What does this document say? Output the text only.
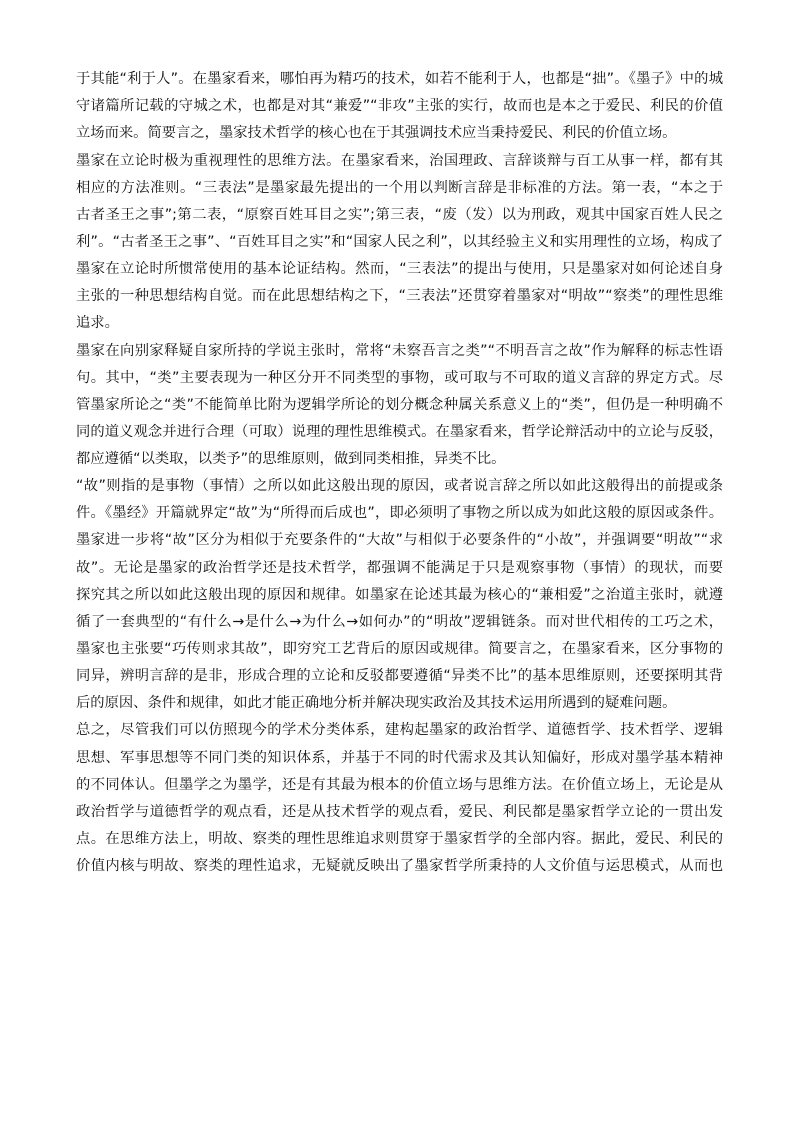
于其能“利于人”。在墨家看来，哪怕再为精巧的技术，如若不能利于人，也都是“拙”。《墨子》中的城
守诸篇所记载的守城之术，也都是对其“兼爱”“非攻”主张的实行，故而也是本之于爱民、利民的价值
立场而来。简要言之，墨家技术哲学的核心也在于其强调技术应当秉持爱民、利民的价值立场。
墨家在立论时极为重视理性的思维方法。在墨家看来，治国理政、言辞谈辩与百工从事一样，都有其
相应的方法准则。“三表法”是墨家最先提出的一个用以判断言辞是非标准的方法。第一表，“本之于
古者圣王之事”;第二表，“原察百姓耳目之实”;第三表，“废（发）以为刑政，观其中国家百姓人民之
利”。“古者圣王之事”、“百姓耳目之实”和“国家人民之利”，以其经验主义和实用理性的立场，构成了
墨家在立论时所惯常使用的基本论证结构。然而，“三表法”的提出与使用，只是墨家对如何论述自身
主张的一种思想结构自觉。而在此思想结构之下，“三表法”还贯穿着墨家对“明故”“察类”的理性思维
追求。
墨家在向别家释疑自家所持的学说主张时，常将“未察吾言之类”“不明吾言之故”作为解释的标志性语
句。其中，“类”主要表现为一种区分开不同类型的事物，或可取与不可取的道义言辞的界定方式。尽
管墨家所论之“类”不能简单比附为逻辑学所论的划分概念种属关系意义上的“类”，但仍是一种明确不
同的道义观念并进行合理（可取）说理的理性思维模式。在墨家看来，哲学论辩活动中的立论与反驳，
都应遵循“以类取，以类予”的思维原则，做到同类相推，异类不比。
“故”则指的是事物（事情）之所以如此这般出现的原因，或者说言辞之所以如此这般得出的前提或条
件。《墨经》开篇就界定“故”为“所得而后成也”，即必须明了事物之所以成为如此这般的原因或条件。
墨家进一步将“故”区分为相似于充要条件的“大故”与相似于必要条件的“小故”，并强调要“明故”“求
故”。无论是墨家的政治哲学还是技术哲学，都强调不能满足于只是观察事物（事情）的现状，而要
探究其之所以如此这般出现的原因和规律。如墨家在论述其最为核心的“兼相爱”之治道主张时，就遵
循了一套典型的“有什么→是什么→为什么→如何办”的“明故”逻辑链条。而对世代相传的工巧之术，
墨家也主张要“巧传则求其故”，即穷究工艺背后的原因或规律。简要言之，在墨家看来，区分事物的
同异，辨明言辞的是非，形成合理的立论和反驳都要遵循“异类不比”的基本思维原则，还要探明其背
后的原因、条件和规律，如此才能正确地分析并解决现实政治及其技术运用所遇到的疑难问题。
总之，尽管我们可以仿照现今的学术分类体系，建构起墨家的政治哲学、道德哲学、技术哲学、逻辑
思想、军事思想等不同门类的知识体系，并基于不同的时代需求及其认知偏好，形成对墨学基本精神
的不同体认。但墨学之为墨学，还是有其最为根本的价值立场与思维方法。在价值立场上，无论是从
政治哲学与道德哲学的观点看，还是从技术哲学的观点看，爱民、利民都是墨家哲学立论的一贯出发
点。在思维方法上，明故、察类的理性思维追求则贯穿于墨家哲学的全部内容。据此，爱民、利民的
价值内核与明故、察类的理性追求，无疑就反映出了墨家哲学所秉持的人文价值与运思模式，从而也
